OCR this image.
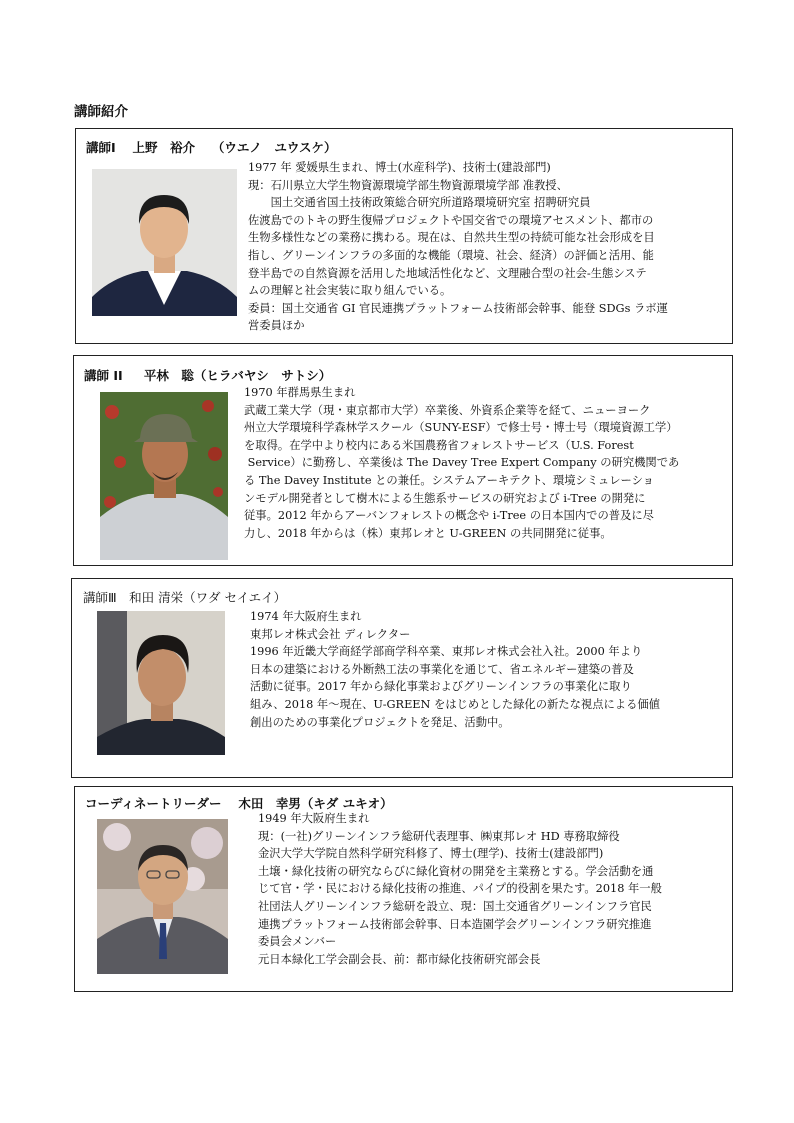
講師紹介
講師Ⅰ　 上野　裕介　 （ウエノ　ユウスケ）
1977 年 愛媛県生まれ、博士(水産科学)、技術士(建設部門)
現：石川県立大学生物資源環境学部生物資源環境学部 准教授、
　　国土交通省国土技術政策総合研究所道路環境研究室 招聘研究員
佐渡島でのトキの野生復帰プロジェクトや国交省での環境アセスメント、都市の
生物多様性などの業務に携わる。現在は、自然共生型の持続可能な社会形成を目
指し、グリーンインフラの多面的な機能（環境、社会、経済）の評価と活用、能
登半島での自然資源を活用した地域活性化など、文理融合型の社会-生態システ
ムの理解と社会実装に取り組んでいる。
委員：国土交通省 GI 官民連携プラットフォーム技術部会幹事、能登 SDGs ラボ運
営委員ほか
講師 II 　 平林　聡（ヒラバヤシ　サトシ）
1970 年群馬県生まれ
武蔵工業大学（現・東京都市大学）卒業後、外資系企業等を経て、ニューヨーク
州立大学環境科学森林学スクール（SUNY-ESF）で修士号・博士号（環境資源工学）
を取得。在学中より校内にある米国農務省フォレストサービス（U.S. Forest
Service）に勤務し、卒業後は The Davey Tree Expert Company の研究機関であ
る The Davey Institute との兼任。システムアーキテクト、環境シミュレーショ
ンモデル開発者として樹木による生態系サービスの研究および i-Tree の開発に
従事。2012 年からアーバンフォレストの概念や i-Tree の日本国内での普及に尽
力し、2018 年からは（株）東邦レオと U-GREEN の共同開発に従事。
講師Ⅲ　和田 清栄（ワダ セイエイ）
1974 年大阪府生まれ
東邦レオ株式会社 ディレクター
1996 年近畿大学商経学部商学科卒業、東邦レオ株式会社入社。2000 年より
日本の建築における外断熱工法の事業化を通じて、省エネルギー建築の普及
活動に従事。2017 年から緑化事業およびグリーンインフラの事業化に取り
組み、2018 年～現在、U-GREEN をはじめとした緑化の新たな視点による価値
創出のための事業化プロジェクトを発足、活動中。
コーディネートリーダー　 木田　幸男（キダ ユキオ）
1949 年大阪府生まれ
現：(一社)グリーンインフラ総研代表理事、㈱東邦レオ HD 専務取締役
金沢大学大学院自然科学研究科修了、博士(理学)、技術士(建設部門)
土壌・緑化技術の研究ならびに緑化資材の開発を主業務とする。学会活動を通
じて官・学・民における緑化技術の推進、パイプ的役割を果たす。2018 年一般
社団法人グリーンインフラ総研を設立、現：国土交通省グリーンインフラ官民
連携プラットフォーム技術部会幹事、日本造園学会グリーンインフラ研究推進
委員会メンバー
元日本緑化工学会副会長、前：都市緑化技術研究部会長
